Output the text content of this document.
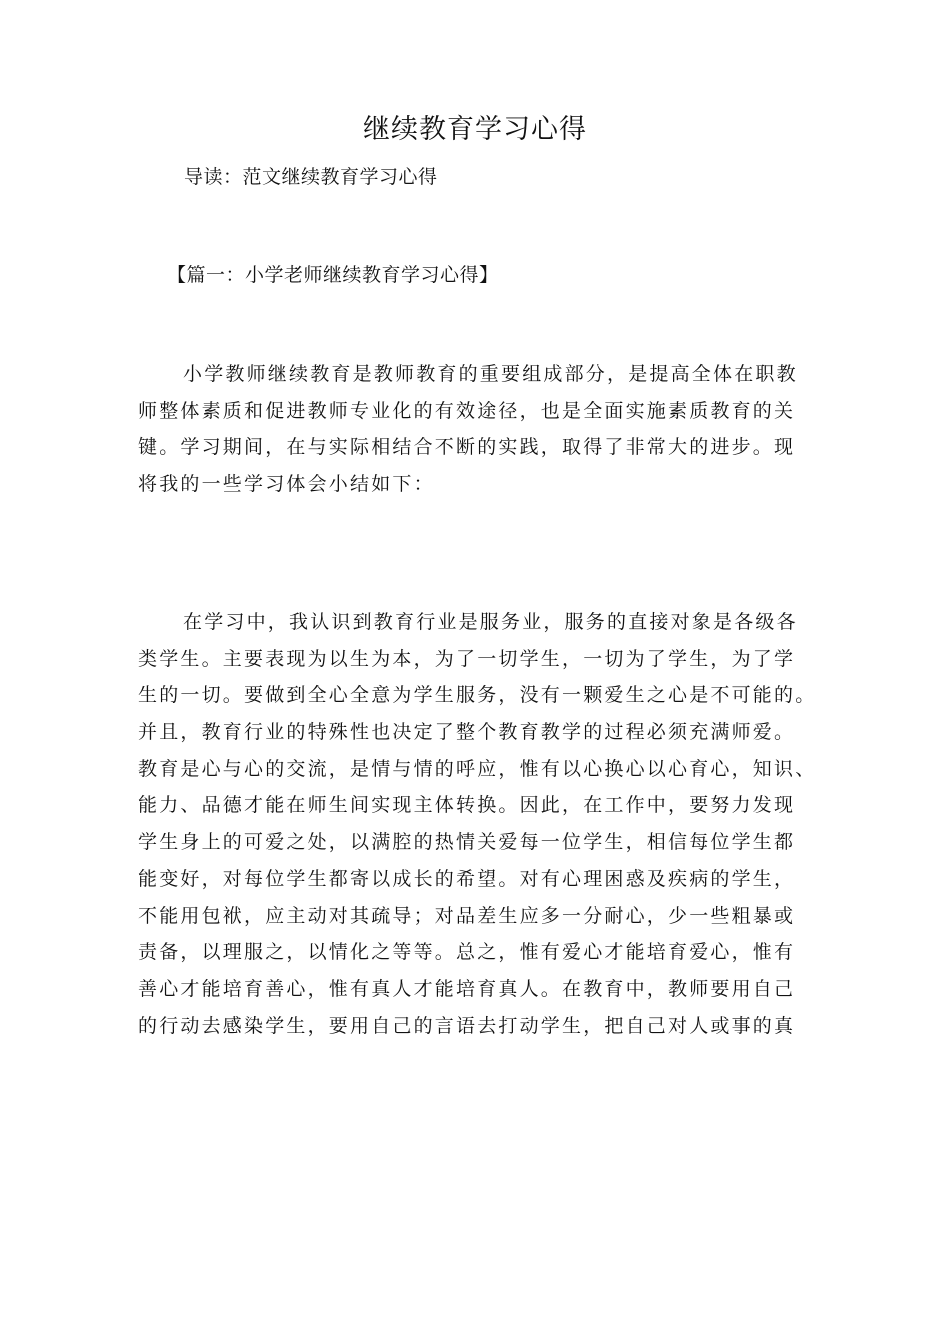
继续教育学习心得

导读：范文继续教育学习心得

【篇一：小学老师继续教育学习心得】
小学教师继续教育是教师教育的重要组成部分，是提高全体在职教
师整体素质和促进教师专业化的有效途径，也是全面实施素质教育的关
键。学习期间，在与实际相结合不断的实践，取得了非常大的进步。现
将我的一些学习体会小结如下：
在学习中，我认识到教育行业是服务业，服务的直接对象是各级各
类学生。主要表现为以生为本，为了一切学生，一切为了学生，为了学
生的一切。要做到全心全意为学生服务，没有一颗爱生之心是不可能的。
并且，教育行业的特殊性也决定了整个教育教学的过程必须充满师爱。
教育是心与心的交流，是情与情的呼应，惟有以心换心以心育心，知识、
能力、品德才能在师生间实现主体转换。因此，在工作中，要努力发现
学生身上的可爱之处，以满腔的热情关爱每一位学生，相信每位学生都
能变好，对每位学生都寄以成长的希望。对有心理困惑及疾病的学生，
不能用包袱，应主动对其疏导；对品差生应多一分耐心，少一些粗暴或
责备，以理服之，以情化之等等。总之，惟有爱心才能培育爱心，惟有
善心才能培育善心，惟有真人才能培育真人。在教育中，教师要用自己
的行动去感染学生，要用自己的言语去打动学生，把自己对人或事的真
